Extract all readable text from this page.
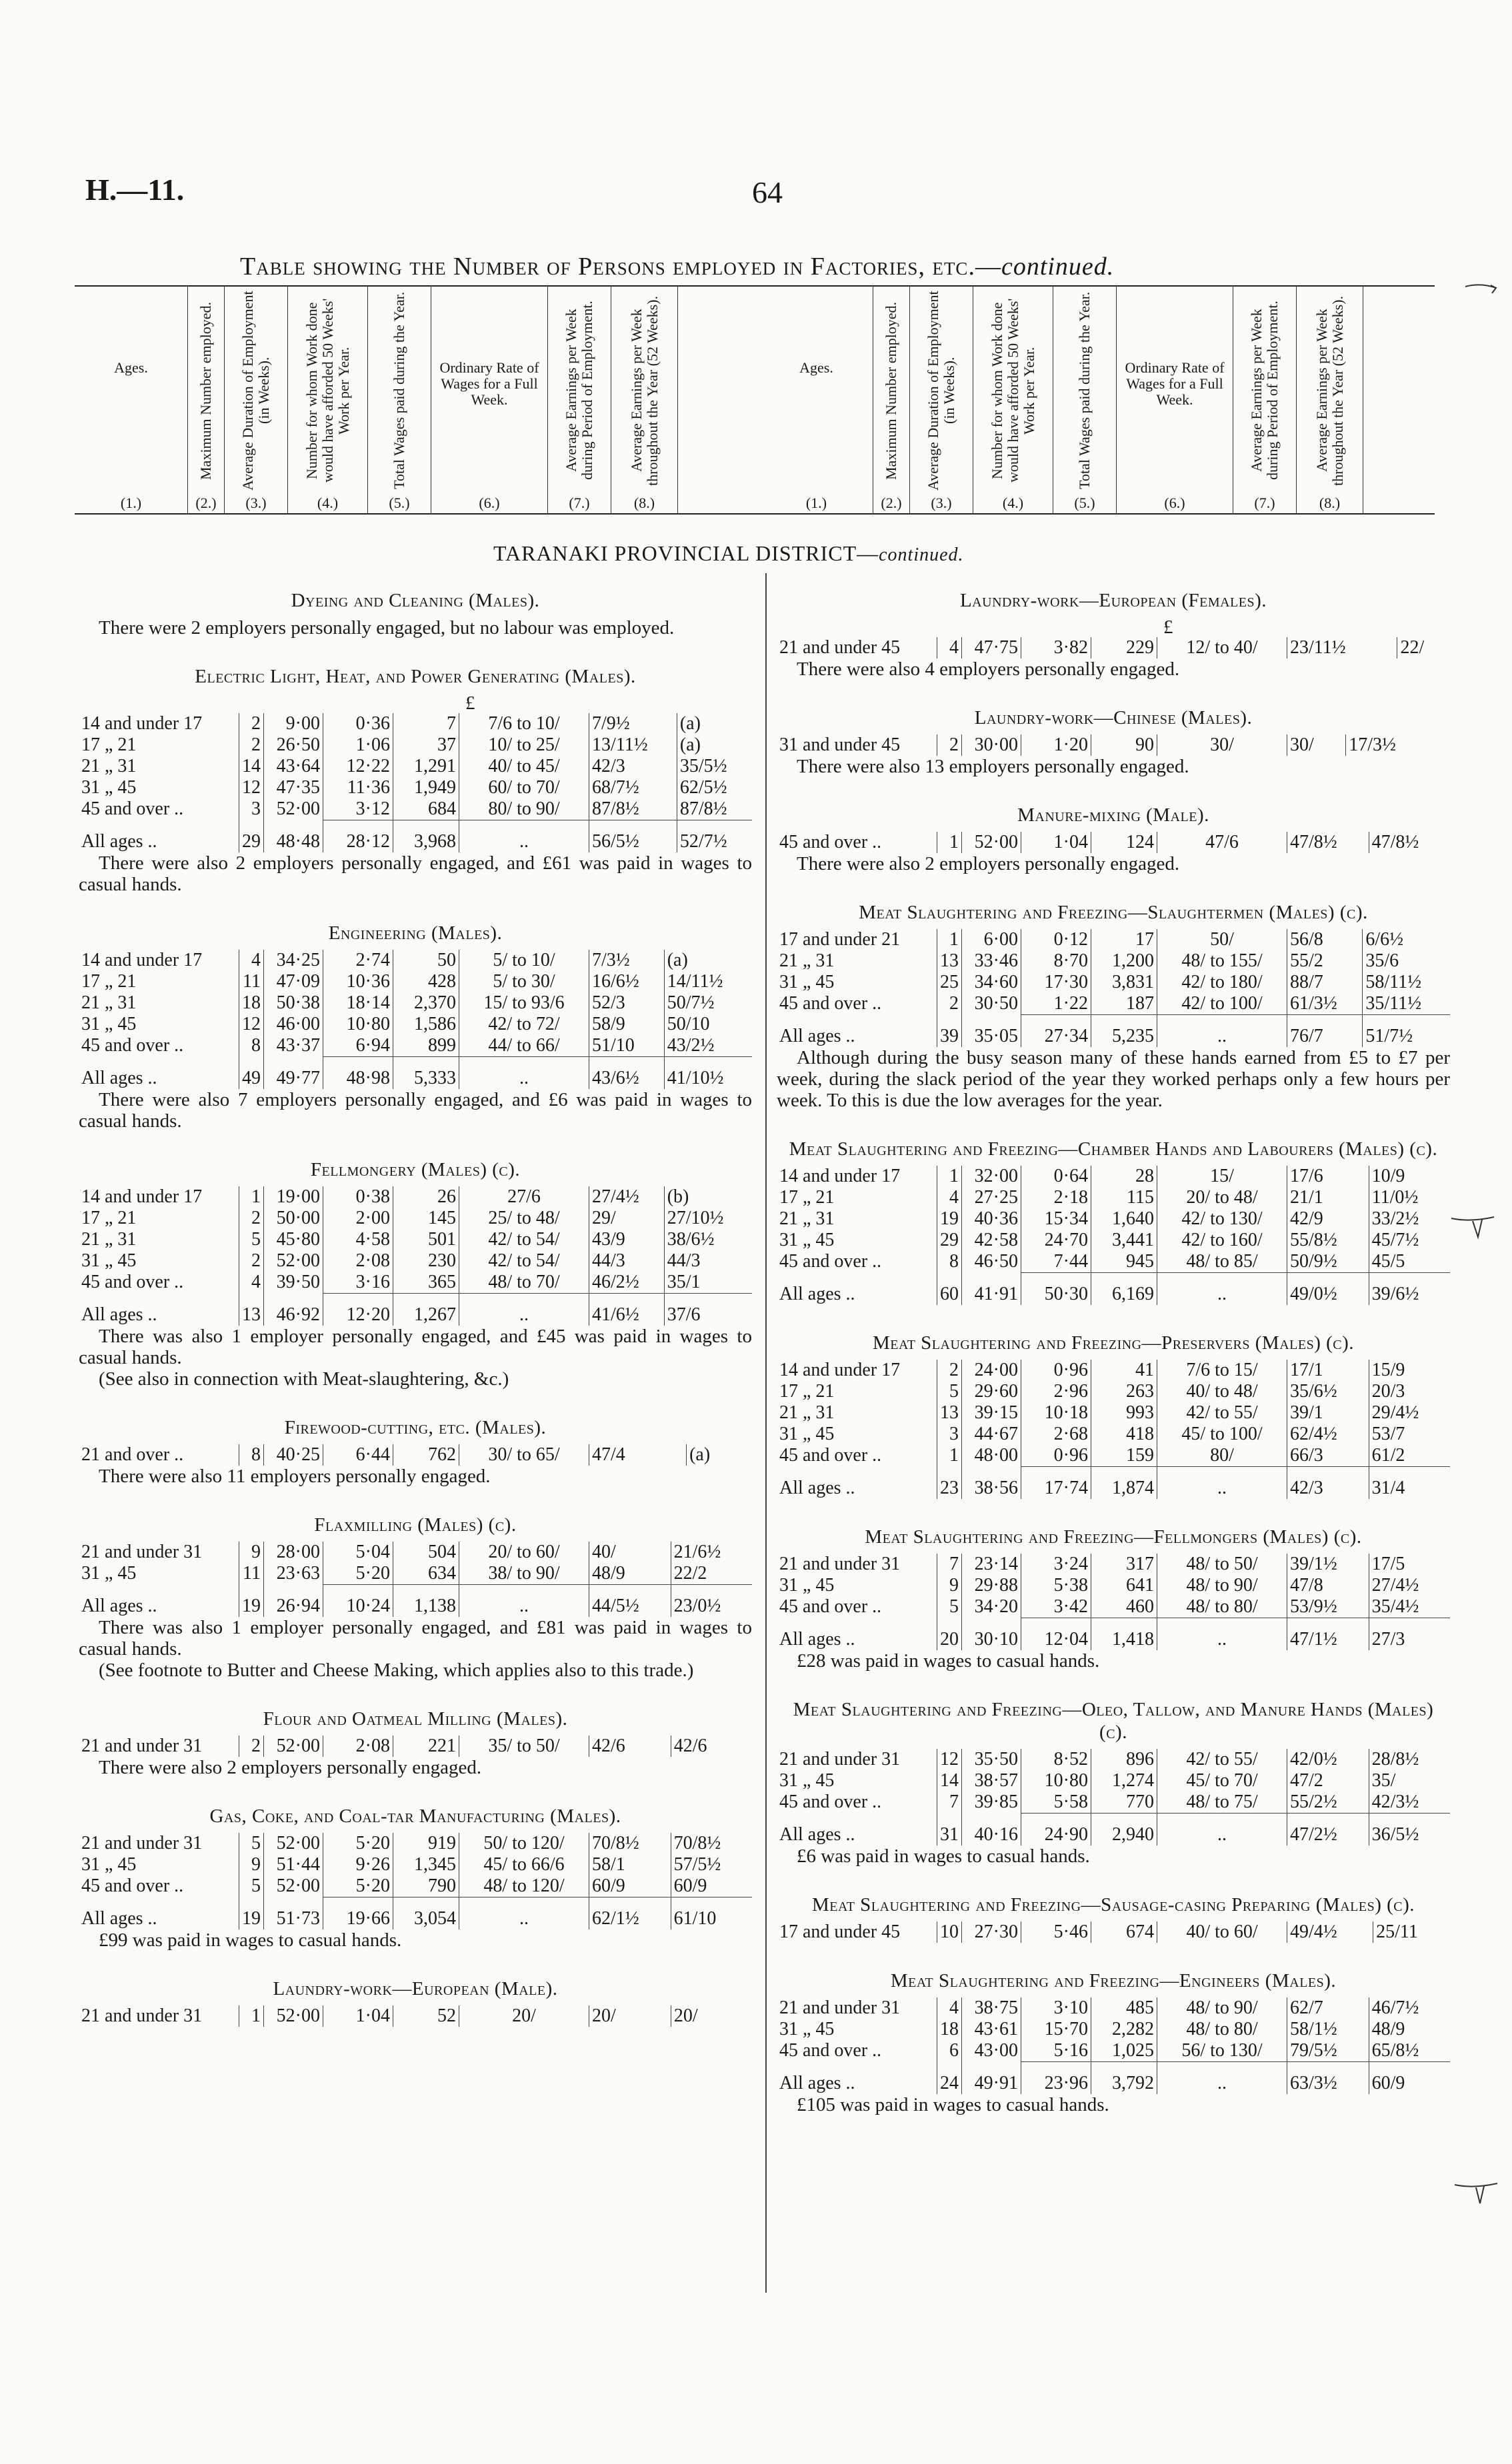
H.—11.	64
Table showing the Number of Persons employed in Factories, etc.—continued.
Ages.
(1.)
Maximum Number employed.
(2.)
Average Duration of Employment (in Weeks).
(3.)
Number for whom Work done would have afforded 50 Weeks' Work per Year.
(4.)
Total Wages paid during the Year.
(5.)
Ordinary Rate of Wages for a Full Week.
(6.)
Average Earnings per Week during Period of Employment.
(7.)
Average Earnings per Week throughout the Year (52 Weeks).
(8.)
Ages.
(1.)
Maximum Number employed.
(2.)
Average Duration of Employment (in Weeks).
(3.)
Number for whom Work done would have afforded 50 Weeks' Work per Year.
(4.)
Total Wages paid during the Year.
(5.)
Ordinary Rate of Wages for a Full Week.
(6.)
Average Earnings per Week during Period of Employment.
(7.)
Average Earnings per Week throughout the Year (52 Weeks).
(8.)
TARANAKI PROVINCIAL DISTRICT—continued.
Dyeing and Cleaning (Males).
There were 2 employers personally engaged, but no labour was employed.
Electric Light, Heat, and Power Generating (Males).
£
14 and under 17	2	9·00	0·36	7	7/6 to 10/	7/9½	(a)
17 „ 21	2	26·50	1·06	37	10/ to 25/	13/11½	(a)
21 „ 31	14	43·64	12·22	1,291	40/ to 45/	42/3	35/5½
31 „ 45	12	47·35	11·36	1,949	60/ to 70/	68/7½	62/5½
45 and over ..	3	52·00	3·12	684	80/ to 90/	87/8½	87/8½
All ages ..	29	48·48	28·12	3,968	..	56/5½	52/7½
There were also 2 employers personally engaged, and £61 was paid in wages to casual hands.
Engineering (Males).
14 and under 17	4	34·25	2·74	50	5/ to 10/	7/3½	(a)
17 „ 21	11	47·09	10·36	428	5/ to 30/	16/6½	14/11½
21 „ 31	18	50·38	18·14	2,370	15/ to 93/6	52/3	50/7½
31 „ 45	12	46·00	10·80	1,586	42/ to 72/	58/9	50/10
45 and over ..	8	43·37	6·94	899	44/ to 66/	51/10	43/2½
All ages ..	49	49·77	48·98	5,333	..	43/6½	41/10½
There were also 7 employers personally engaged, and £6 was paid in wages to casual hands.
Fellmongery (Males) (c).
14 and under 17	1	19·00	0·38	26	27/6	27/4½	(b)
17 „ 21	2	50·00	2·00	145	25/ to 48/	29/	27/10½
21 „ 31	5	45·80	4·58	501	42/ to 54/	43/9	38/6½
31 „ 45	2	52·00	2·08	230	42/ to 54/	44/3	44/3
45 and over ..	4	39·50	3·16	365	48/ to 70/	46/2½	35/1
All ages ..	13	46·92	12·20	1,267	..	41/6½	37/6
There was also 1 employer personally engaged, and £45 was paid in wages to casual hands.
(See also in connection with Meat-slaughtering, &c.)
Firewood-cutting, etc. (Males).
21 and over ..	8	40·25	6·44	762	30/ to 65/	47/4	(a)
There were also 11 employers personally engaged.
Flaxmilling (Males) (c).
21 and under 31	9	28·00	5·04	504	20/ to 60/	40/	21/6½
31 „ 45	11	23·63	5·20	634	38/ to 90/	48/9	22/2
All ages ..	19	26·94	10·24	1,138	..	44/5½	23/0½
There was also 1 employer personally engaged, and £81 was paid in wages to casual hands.
(See footnote to Butter and Cheese Making, which applies also to this trade.)
Flour and Oatmeal Milling (Males).
21 and under 31	2	52·00	2·08	221	35/ to 50/	42/6	42/6
There were also 2 employers personally engaged.
Gas, Coke, and Coal-tar Manufacturing (Males).
21 and under 31	5	52·00	5·20	919	50/ to 120/	70/8½	70/8½
31 „ 45	9	51·44	9·26	1,345	45/ to 66/6	58/1	57/5½
45 and over ..	5	52·00	5·20	790	48/ to 120/	60/9	60/9
All ages ..	19	51·73	19·66	3,054	..	62/1½	61/10
£99 was paid in wages to casual hands.
Laundry-work—European (Male).
21 and under 31	1	52·00	1·04	52	20/	20/	20/
Laundry-work—European (Females).
£
21 and under 45	4	47·75	3·82	229	12/ to 40/	23/11½	22/
There were also 4 employers personally engaged.
Laundry-work—Chinese (Males).
31 and under 45	2	30·00	1·20	90	30/	30/	17/3½
There were also 13 employers personally engaged.
Manure-mixing (Male).
45 and over ..	1	52·00	1·04	124	47/6	47/8½	47/8½
There were also 2 employers personally engaged.
Meat Slaughtering and Freezing—Slaughtermen (Males) (c).
17 and under 21	1	6·00	0·12	17	50/	56/8	6/6½
21 „ 31	13	33·46	8·70	1,200	48/ to 155/	55/2	35/6
31 „ 45	25	34·60	17·30	3,831	42/ to 180/	88/7	58/11½
45 and over ..	2	30·50	1·22	187	42/ to 100/	61/3½	35/11½
All ages ..	39	35·05	27·34	5,235	..	76/7	51/7½
Although during the busy season many of these hands earned from £5 to £7 per week, during the slack period of the year they worked perhaps only a few hours per week. To this is due the low averages for the year.
Meat Slaughtering and Freezing—Chamber Hands and Labourers (Males) (c).
14 and under 17	1	32·00	0·64	28	15/	17/6	10/9
17 „ 21	4	27·25	2·18	115	20/ to 48/	21/1	11/0½
21 „ 31	19	40·36	15·34	1,640	42/ to 130/	42/9	33/2½
31 „ 45	29	42·58	24·70	3,441	42/ to 160/	55/8½	45/7½
45 and over ..	8	46·50	7·44	945	48/ to 85/	50/9½	45/5
All ages ..	60	41·91	50·30	6,169	..	49/0½	39/6½
Meat Slaughtering and Freezing—Preservers (Males) (c).
14 and under 17	2	24·00	0·96	41	7/6 to 15/	17/1	15/9
17 „ 21	5	29·60	2·96	263	40/ to 48/	35/6½	20/3
21 „ 31	13	39·15	10·18	993	42/ to 55/	39/1	29/4½
31 „ 45	3	44·67	2·68	418	45/ to 100/	62/4½	53/7
45 and over ..	1	48·00	0·96	159	80/	66/3	61/2
All ages ..	23	38·56	17·74	1,874	..	42/3	31/4
Meat Slaughtering and Freezing—Fellmongers (Males) (c).
21 and under 31	7	23·14	3·24	317	48/ to 50/	39/1½	17/5
31 „ 45	9	29·88	5·38	641	48/ to 90/	47/8	27/4½
45 and over ..	5	34·20	3·42	460	48/ to 80/	53/9½	35/4½
All ages ..	20	30·10	12·04	1,418	..	47/1½	27/3
£28 was paid in wages to casual hands.
Meat Slaughtering and Freezing—Oleo, Tallow, and Manure Hands (Males) (c).
21 and under 31	12	35·50	8·52	896	42/ to 55/	42/0½	28/8½
31 „ 45	14	38·57	10·80	1,274	45/ to 70/	47/2	35/
45 and over ..	7	39·85	5·58	770	48/ to 75/	55/2½	42/3½
All ages ..	31	40·16	24·90	2,940	..	47/2½	36/5½
£6 was paid in wages to casual hands.
Meat Slaughtering and Freezing—Sausage-casing Preparing (Males) (c).
17 and under 45	10	27·30	5·46	674	40/ to 60/	49/4½	25/11
Meat Slaughtering and Freezing—Engineers (Males).
21 and under 31	4	38·75	3·10	485	48/ to 90/	62/7	46/7½
31 „ 45	18	43·61	15·70	2,282	48/ to 80/	58/1½	48/9
45 and over ..	6	43·00	5·16	1,025	56/ to 130/	79/5½	65/8½
All ages ..	24	49·91	23·96	3,792	..	63/3½	60/9
£105 was paid in wages to casual hands.
